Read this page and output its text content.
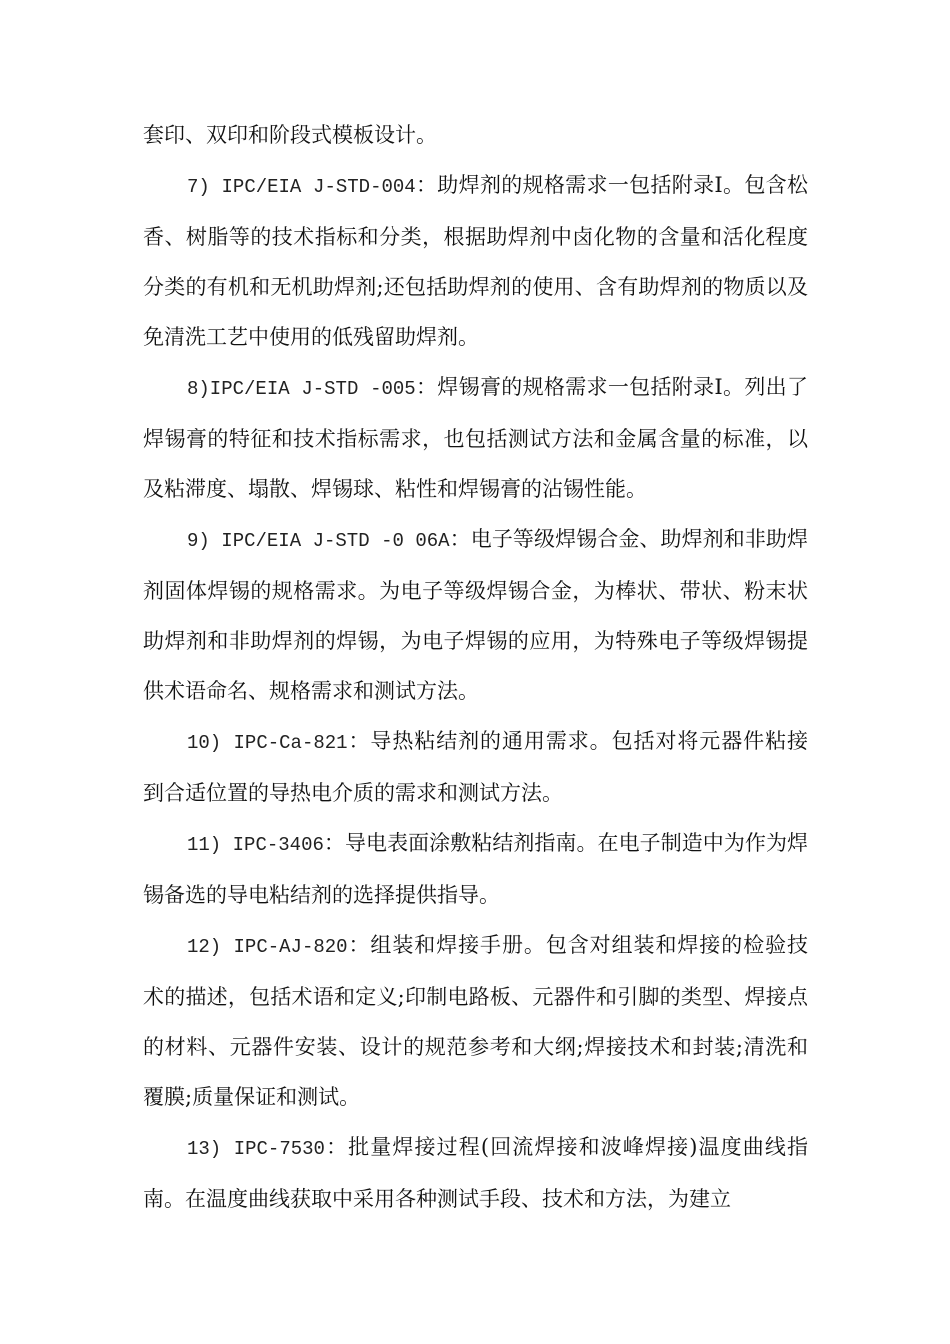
套印、双印和阶段式模板设计。

7) IPC/EIA J-STD-004：助焊剂的规格需求一包括附录Ⅰ。包含松香、树脂等的技术指标和分类，根据助焊剂中卤化物的含量和活化程度分类的有机和无机助焊剂;还包括助焊剂的使用、含有助焊剂的物质以及免清洗工艺中使用的低残留助焊剂。

8)IPC/EIA J-STD -005：焊锡膏的规格需求一包括附录Ⅰ。列出了焊锡膏的特征和技术指标需求，也包括测试方法和金属含量的标准，以及粘滞度、塌散、焊锡球、粘性和焊锡膏的沾锡性能。

9) IPC/EIA J-STD -0 06A：电子等级焊锡合金、助焊剂和非助焊剂固体焊锡的规格需求。为电子等级焊锡合金，为棒状、带状、粉末状助焊剂和非助焊剂的焊锡，为电子焊锡的应用，为特殊电子等级焊锡提供术语命名、规格需求和测试方法。

10) IPC-Ca-821：导热粘结剂的通用需求。包括对将元器件粘接到合适位置的导热电介质的需求和测试方法。

11) IPC-3406：导电表面涂敷粘结剂指南。在电子制造中为作为焊锡备选的导电粘结剂的选择提供指导。

12) IPC-AJ-820：组装和焊接手册。包含对组装和焊接的检验技术的描述，包括术语和定义;印制电路板、元器件和引脚的类型、焊接点的材料、元器件安装、设计的规范参考和大纲;焊接技术和封装;清洗和覆膜;质量保证和测试。

13) IPC-7530：批量焊接过程(回流焊接和波峰焊接)温度曲线指南。在温度曲线获取中采用各种测试手段、技术和方法，为建立
